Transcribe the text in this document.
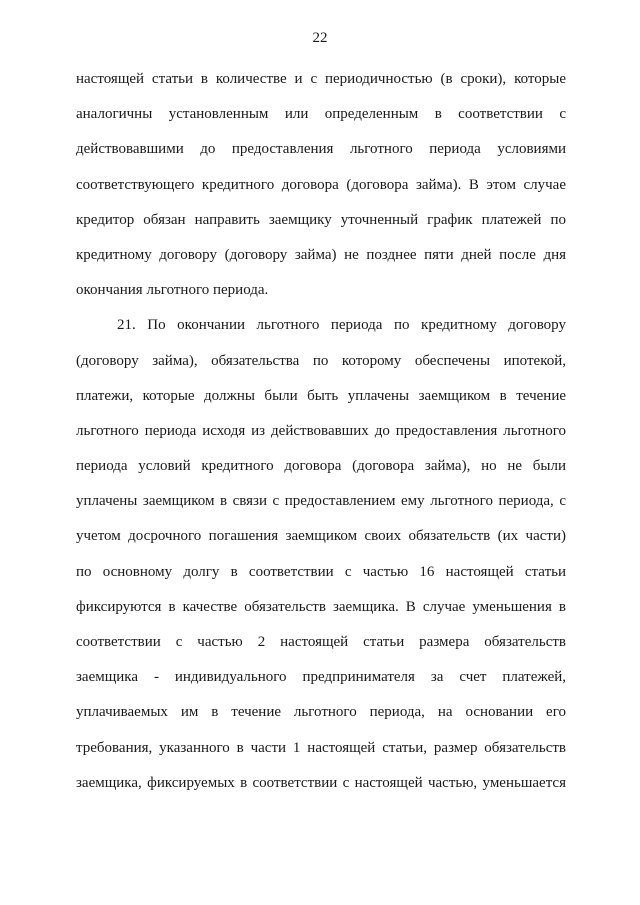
22
настоящей статьи в количестве и с периодичностью (в сроки), которые
аналогичны установленным или определенным в соответствии с
действовавшими до предоставления льготного периода условиями
соответствующего кредитного договора (договора займа). В этом случае
кредитор обязан направить заемщику уточненный график платежей по
кредитному договору (договору займа) не позднее пяти дней после дня
окончания льготного периода.
21. По окончании льготного периода по кредитному договору
(договору займа), обязательства по которому обеспечены ипотекой,
платежи, которые должны были быть уплачены заемщиком в течение
льготного периода исходя из действовавших до предоставления льготного
периода условий кредитного договора (договора займа), но не были
уплачены заемщиком в связи с предоставлением ему льготного периода, с
учетом досрочного погашения заемщиком своих обязательств (их части)
по основному долгу в соответствии с частью 16 настоящей статьи
фиксируются в качестве обязательств заемщика. В случае уменьшения в
соответствии с частью 2 настоящей статьи размера обязательств
заемщика - индивидуального предпринимателя за счет платежей,
уплачиваемых им в течение льготного периода, на основании его
требования, указанного в части 1 настоящей статьи, размер обязательств
заемщика, фиксируемых в соответствии с настоящей частью, уменьшается
